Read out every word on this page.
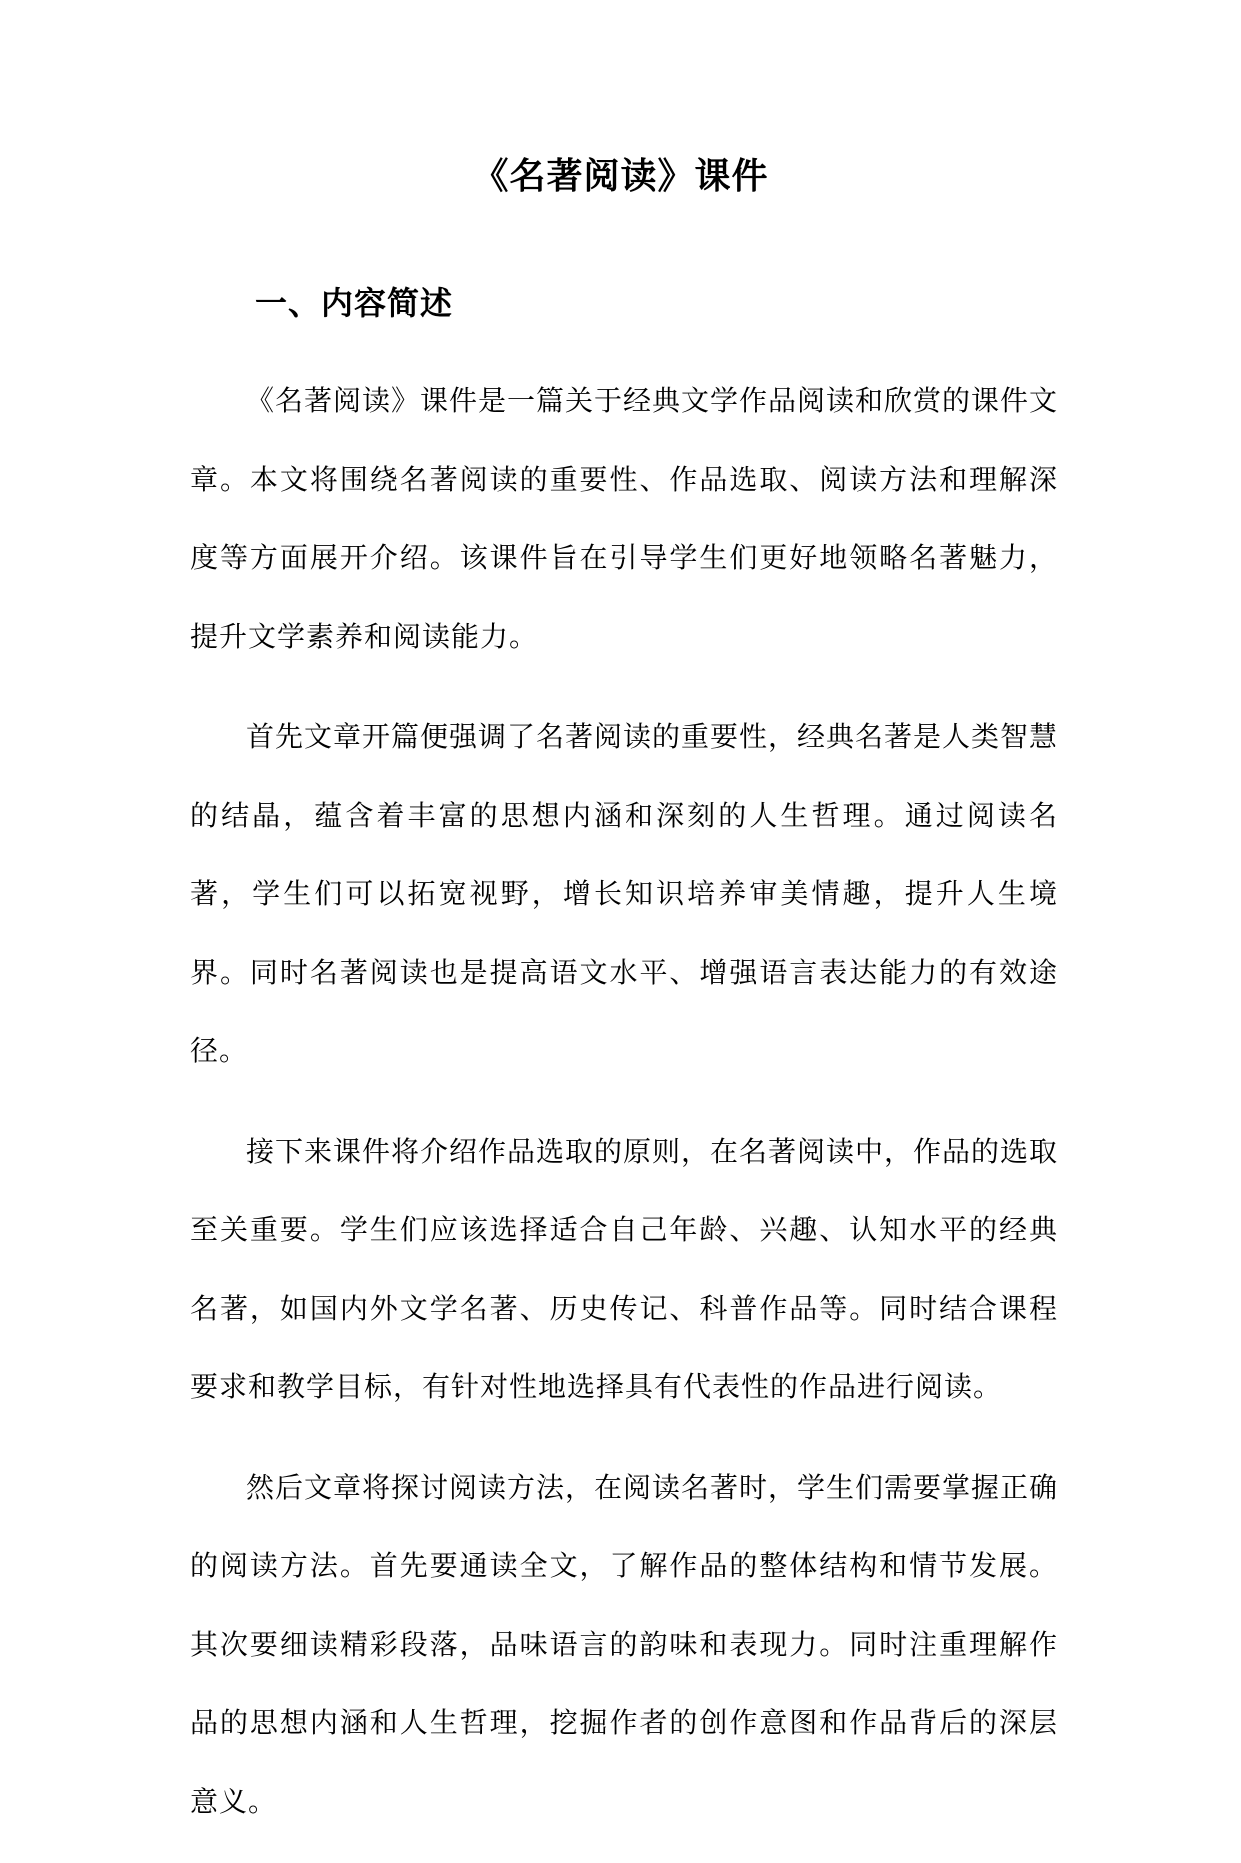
《名著阅读》课件
一、内容简述

《名著阅读》课件是一篇关于经典文学作品阅读和欣赏的课件文章。本文将围绕名著阅读的重要性、作品选取、阅读方法和理解深度等方面展开介绍。该课件旨在引导学生们更好地领略名著魅力，提升文学素养和阅读能力。

首先文章开篇便强调了名著阅读的重要性，经典名著是人类智慧的结晶，蕴含着丰富的思想内涵和深刻的人生哲理。通过阅读名著，学生们可以拓宽视野，增长知识培养审美情趣，提升人生境界。同时名著阅读也是提高语文水平、增强语言表达能力的有效途径。

接下来课件将介绍作品选取的原则，在名著阅读中，作品的选取至关重要。学生们应该选择适合自己年龄、兴趣、认知水平的经典名著，如国内外文学名著、历史传记、科普作品等。同时结合课程要求和教学目标，有针对性地选择具有代表性的作品进行阅读。

然后文章将探讨阅读方法，在阅读名著时，学生们需要掌握正确的阅读方法。首先要通读全文，了解作品的整体结构和情节发展。其次要细读精彩段落，品味语言的韵味和表现力。同时注重理解作品的思想内涵和人生哲理，挖掘作者的创作意图和作品背后的深层意义。
